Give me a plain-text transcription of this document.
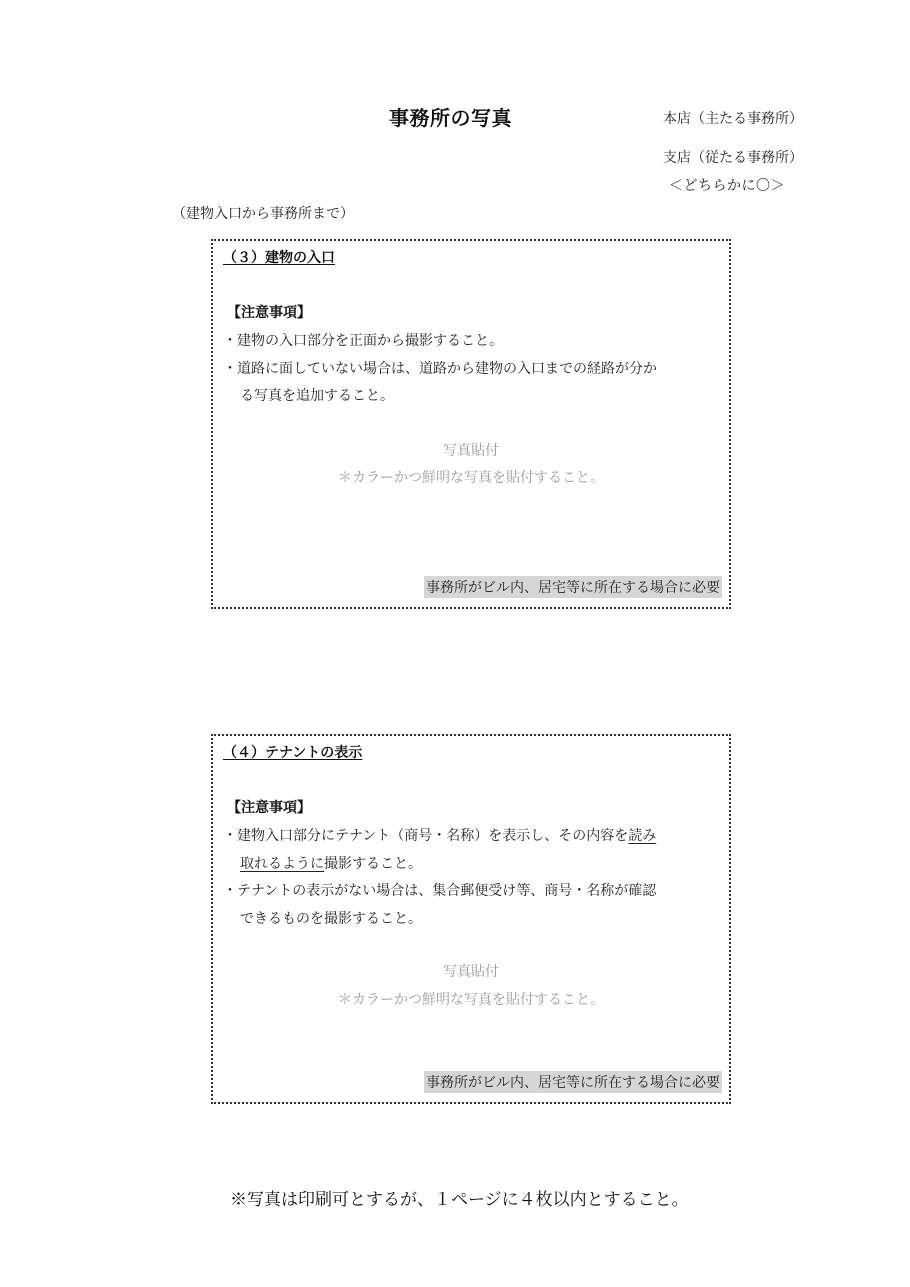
事務所の写真	本店（主たる事務所）
支店（従たる事務所）
＜どちらかに〇＞
（建物入口から事務所まで）
（３）建物の入口
【注意事項】
・建物の入口部分を正面から撮影すること。
・道路に面していない場合は、道路から建物の入口までの経路が分か
る写真を追加すること。
写真貼付
＊カラーかつ鮮明な写真を貼付すること。
事務所がビル内、居宅等に所在する場合に必要
（４）テナントの表示
【注意事項】
・建物入口部分にテナント（商号・名称）を表示し、その内容を読み
取れるように撮影すること。
・テナントの表示がない場合は、集合郵便受け等、商号・名称が確認
できるものを撮影すること。
写真貼付
＊カラーかつ鮮明な写真を貼付すること。
事務所がビル内、居宅等に所在する場合に必要
※写真は印刷可とするが、１ページに４枚以内とすること。
